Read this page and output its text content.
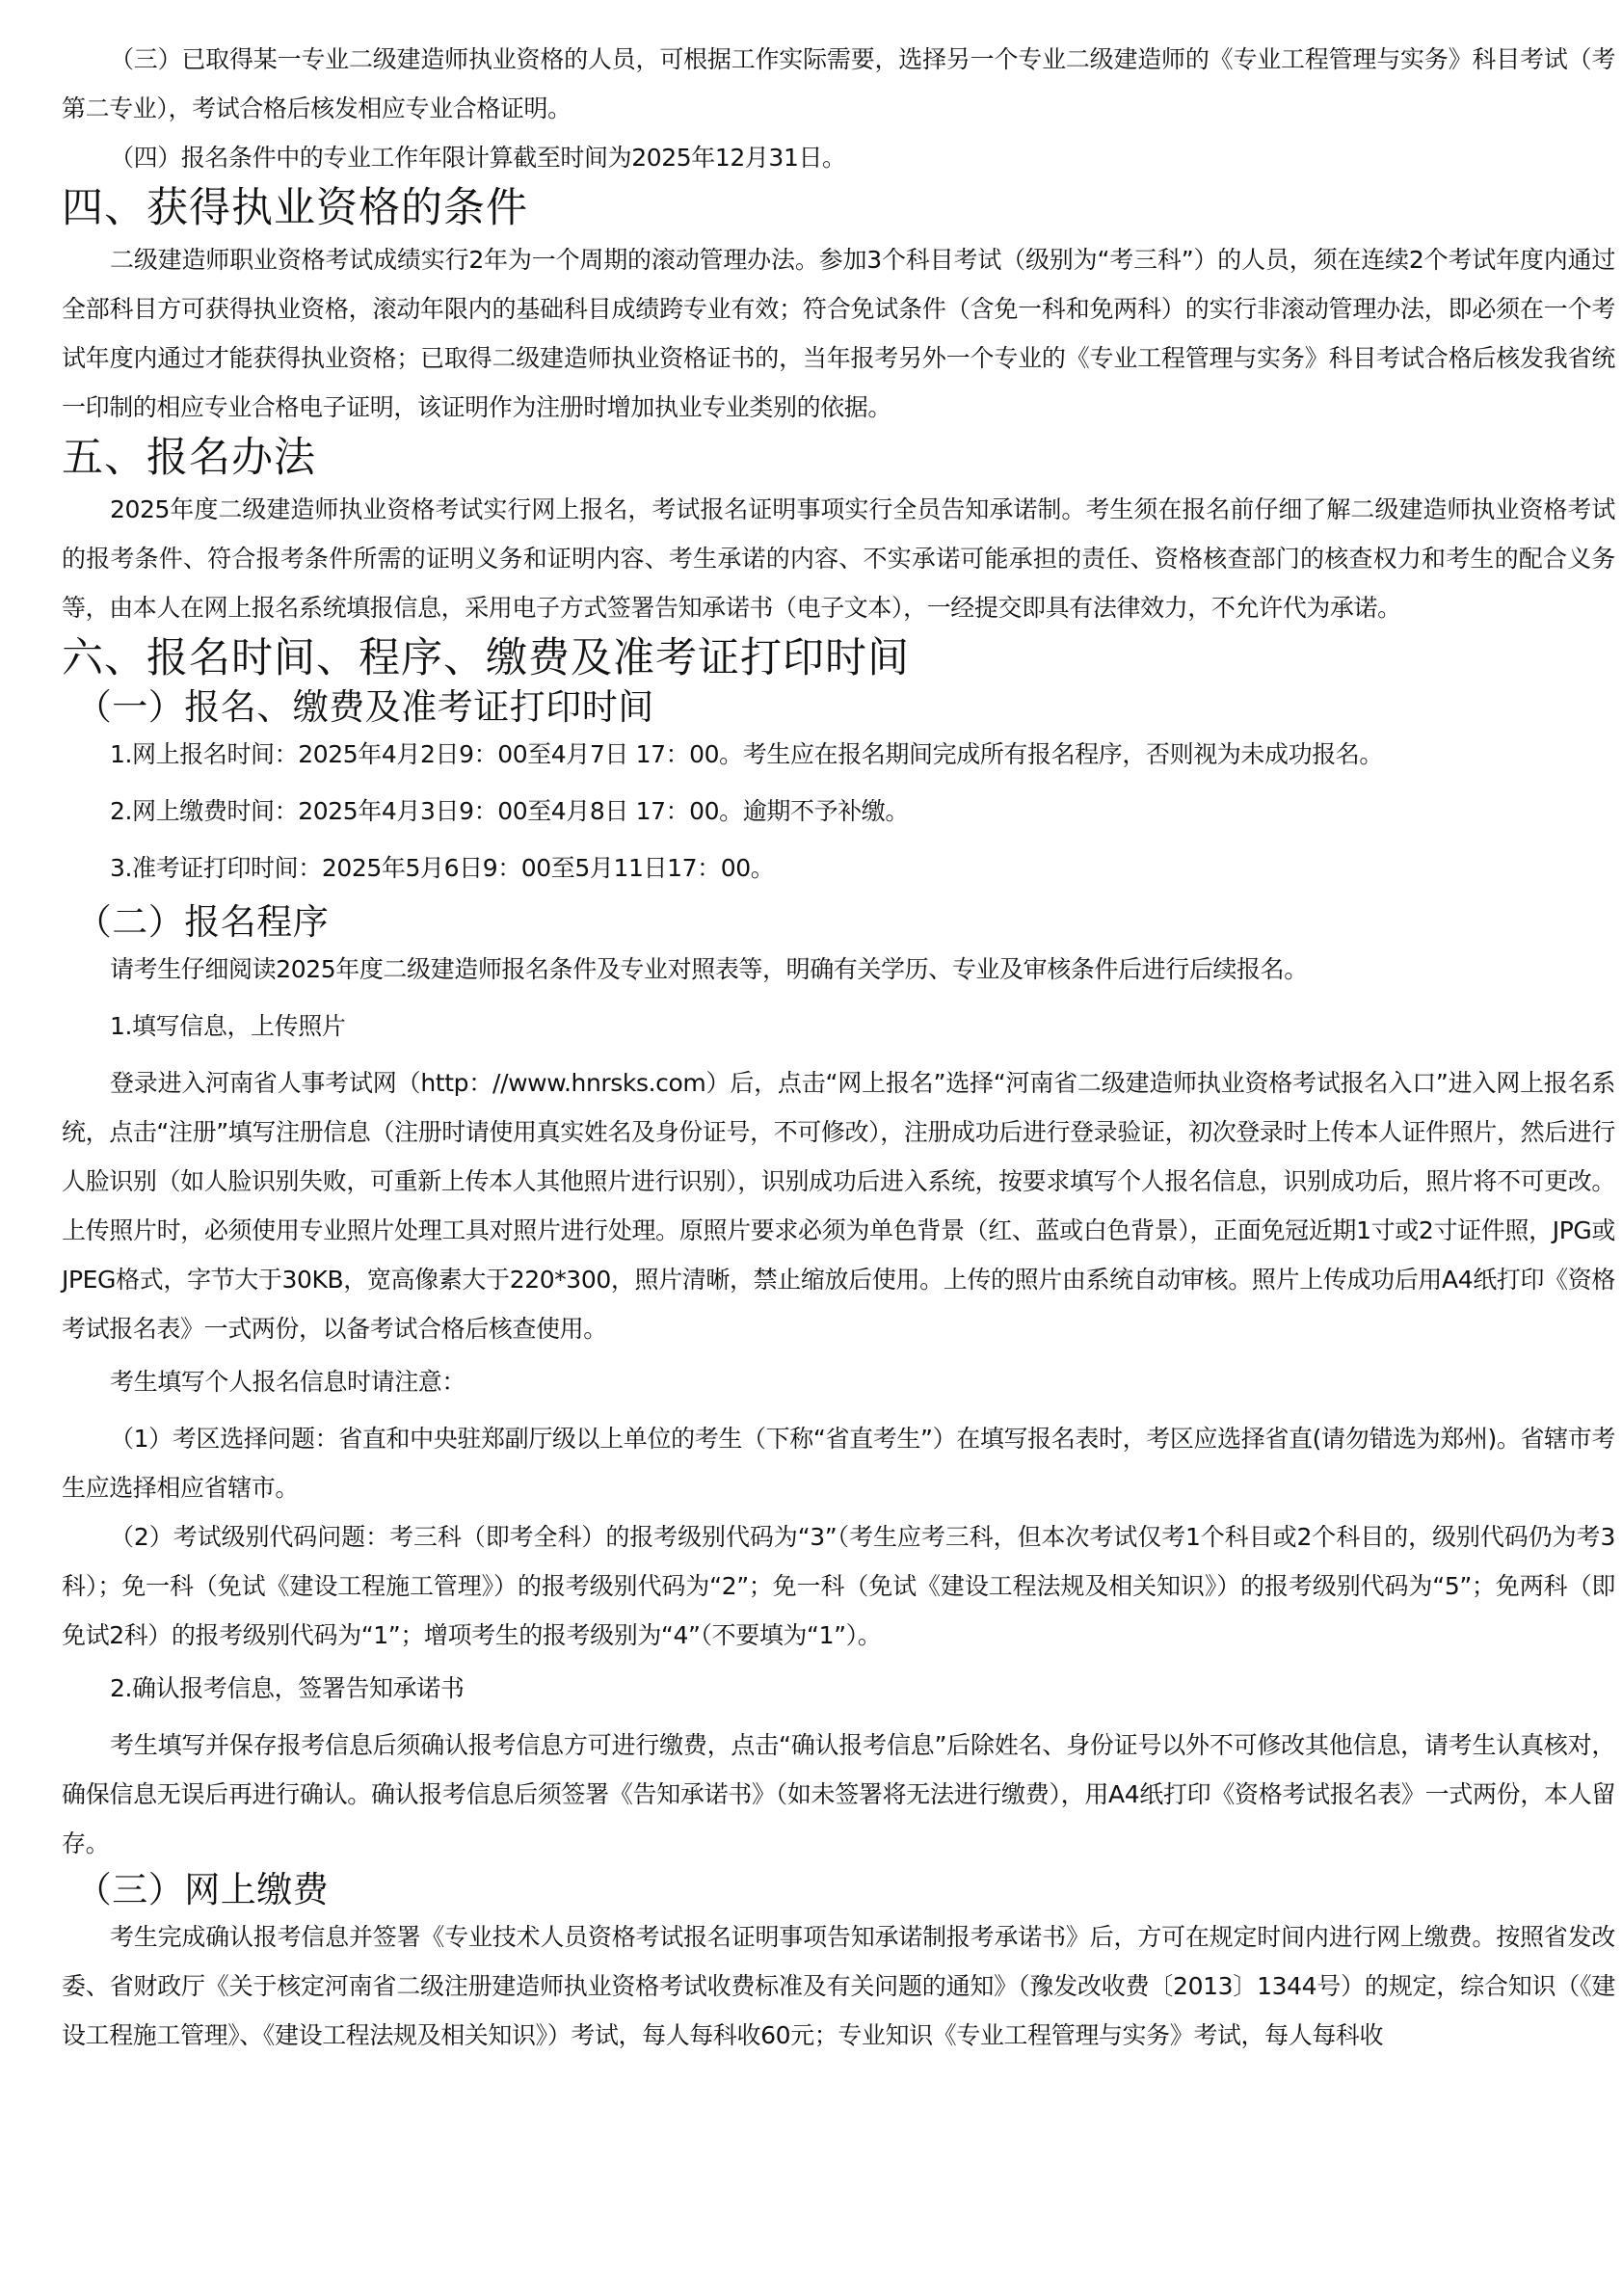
（三）已取得某一专业二级建造师执业资格的人员，可根据工作实际需要，选择另一个专业二级建造师的《专业工程管理与实务》科目考试（考第二专业），考试合格后核发相应专业合格证明。

（四）报名条件中的专业工作年限计算截至时间为2025年12月31日。

四、获得执业资格的条件

二级建造师职业资格考试成绩实行2年为一个周期的滚动管理办法。参加3个科目考试（级别为“考三科”）的人员，须在连续2个考试年度内通过全部科目方可获得执业资格，滚动年限内的基础科目成绩跨专业有效；符合免试条件（含免一科和免两科）的实行非滚动管理办法，即必须在一个考试年度内通过才能获得执业资格；已取得二级建造师执业资格证书的，当年报考另外一个专业的《专业工程管理与实务》科目考试合格后核发我省统一印制的相应专业合格电子证明，该证明作为注册时增加执业专业类别的依据。

五、报名办法

2025年度二级建造师执业资格考试实行网上报名，考试报名证明事项实行全员告知承诺制。考生须在报名前仔细了解二级建造师执业资格考试的报考条件、符合报考条件所需的证明义务和证明内容、考生承诺的内容、不实承诺可能承担的责任、资格核查部门的核查权力和考生的配合义务等，由本人在网上报名系统填报信息，采用电子方式签署告知承诺书（电子文本），一经提交即具有法律效力，不允许代为承诺。

六、报名时间、程序、缴费及准考证打印时间
（一）报名、缴费及准考证打印时间

1.网上报名时间：2025年4月2日9：00至4月7日 17：00。考生应在报名期间完成所有报名程序，否则视为未成功报名。

2.网上缴费时间：2025年4月3日9：00至4月8日 17：00。逾期不予补缴。

3.准考证打印时间：2025年5月6日9：00至5月11日17：00。

（二）报名程序

请考生仔细阅读2025年度二级建造师报名条件及专业对照表等，明确有关学历、专业及审核条件后进行后续报名。

1.填写信息，上传照片

登录进入河南省人事考试网（http：//www.hnrsks.com）后，点击“网上报名”选择“河南省二级建造师执业资格考试报名入口”进入网上报名系统，点击“注册”填写注册信息（注册时请使用真实姓名及身份证号，不可修改），注册成功后进行登录验证，初次登录时上传本人证件照片，然后进行人脸识别（如人脸识别失败，可重新上传本人其他照片进行识别），识别成功后进入系统，按要求填写个人报名信息，识别成功后，照片将不可更改。上传照片时，必须使用专业照片处理工具对照片进行处理。原照片要求必须为单色背景（红、蓝或白色背景），正面免冠近期1寸或2寸证件照，JPG或JPEG格式，字节大于30KB，宽高像素大于220*300，照片清晰，禁止缩放后使用。上传的照片由系统自动审核。照片上传成功后用A4纸打印《资格考试报名表》一式两份，以备考试合格后核查使用。

考生填写个人报名信息时请注意：

（1）考区选择问题：省直和中央驻郑副厅级以上单位的考生（下称“省直考生”）在填写报名表时，考区应选择省直(请勿错选为郑州)。省辖市考生应选择相应省辖市。

（2）考试级别代码问题：考三科（即考全科）的报考级别代码为“3”（考生应考三科，但本次考试仅考1个科目或2个科目的，级别代码仍为考3科）；免一科（免试《建设工程施工管理》）的报考级别代码为“2”；免一科（免试《建设工程法规及相关知识》）的报考级别代码为“5”；免两科（即免试2科）的报考级别代码为“1”；增项考生的报考级别为“4”（不要填为“1”）。

2.确认报考信息，签署告知承诺书

考生填写并保存报考信息后须确认报考信息方可进行缴费，点击“确认报考信息”后除姓名、身份证号以外不可修改其他信息，请考生认真核对，确保信息无误后再进行确认。确认报考信息后须签署《告知承诺书》（如未签署将无法进行缴费），用A4纸打印《资格考试报名表》一式两份，本人留存。

（三）网上缴费

考生完成确认报考信息并签署《专业技术人员资格考试报名证明事项告知承诺制报考承诺书》后，方可在规定时间内进行网上缴费。按照省发改委、省财政厅《关于核定河南省二级注册建造师执业资格考试收费标准及有关问题的通知》（豫发改收费〔2013〕1344号）的规定，综合知识（《建设工程施工管理》、《建设工程法规及相关知识》）考试，每人每科收60元；专业知识《专业工程管理与实务》考试，每人每科收
